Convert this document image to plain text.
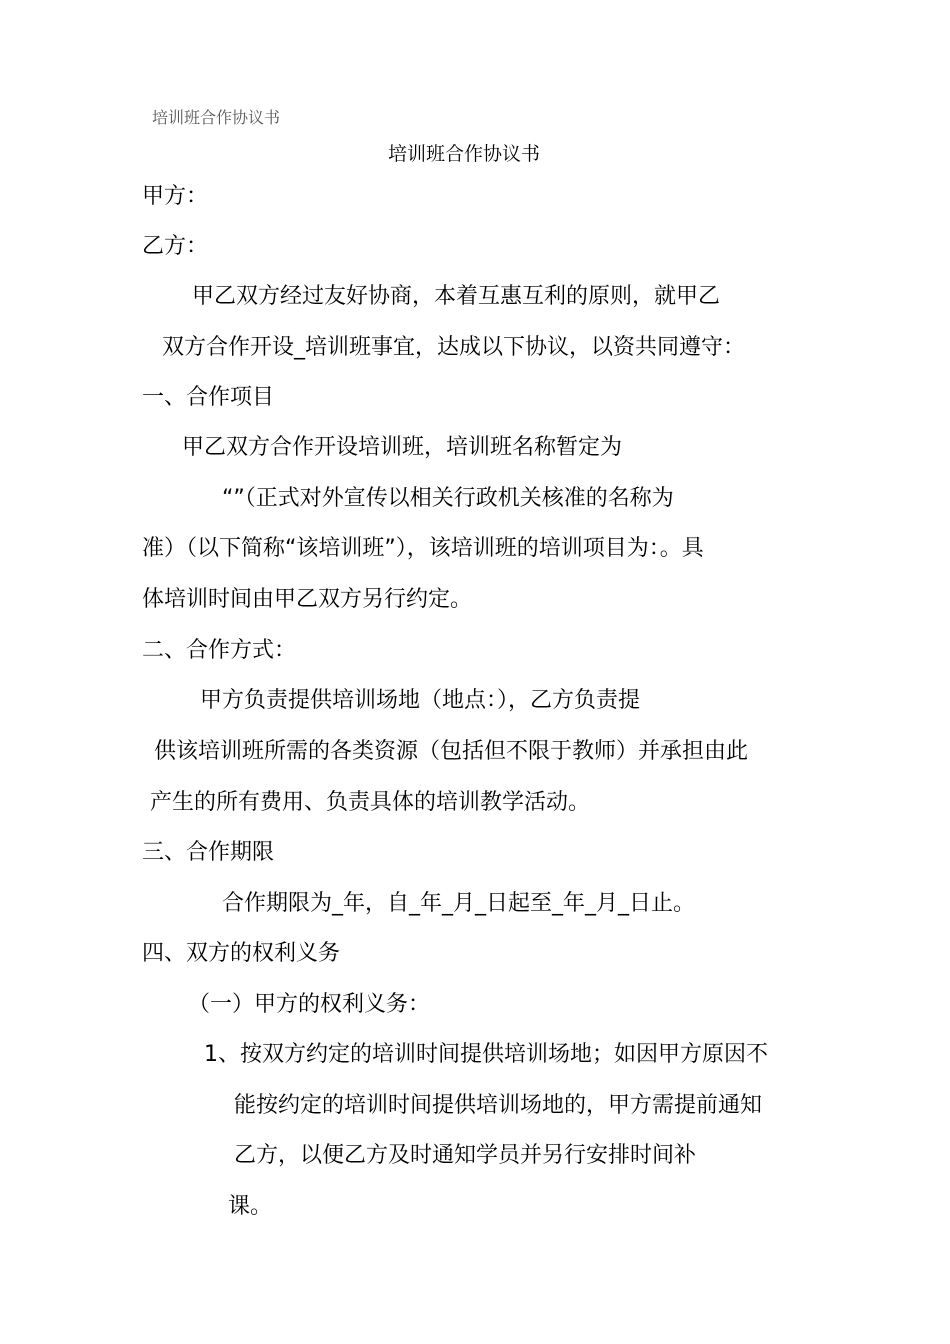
培训班合作协议书
培训班合作协议书
甲方：
乙方：
甲乙双方经过友好协商，本着互惠互利的原则，就甲乙
双方合作开设_培训班事宜，达成以下协议，以资共同遵守：
一、合作项目
甲乙双方合作开设培训班，培训班名称暂定为
“”（正式对外宣传以相关行政机关核准的名称为
准）（以下简称“该培训班”），该培训班的培训项目为：。具
体培训时间由甲乙双方另行约定。
二、合作方式：
甲方负责提供培训场地（地点：），乙方负责提
供该培训班所需的各类资源（包括但不限于教师）并承担由此
产生的所有费用、负责具体的培训教学活动。
三、合作期限
合作期限为_年，自_年_月_日起至_年_月_日止。
四、双方的权利义务
（一）甲方的权利义务：
1、按双方约定的培训时间提供培训场地；如因甲方原因不
能按约定的培训时间提供培训场地的，甲方需提前通知
乙方，以便乙方及时通知学员并另行安排时间补
课。
